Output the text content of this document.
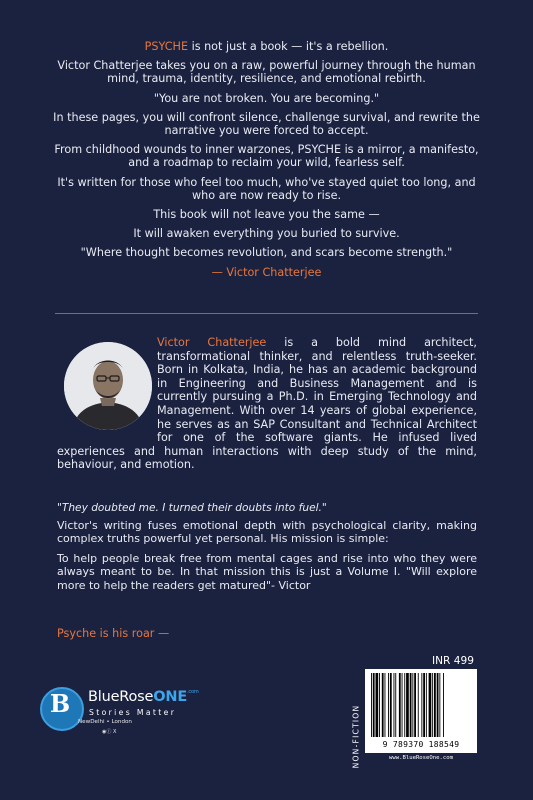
PSYCHE is not just a book — it's a rebellion.

Victor Chatterjee takes you on a raw, powerful journey through the human mind, trauma, identity, resilience, and emotional rebirth.

"You are not broken. You are becoming."

In these pages, you will confront silence, challenge survival, and rewrite the narrative you were forced to accept.

From childhood wounds to inner warzones, PSYCHE is a mirror, a manifesto, and a roadmap to reclaim your wild, fearless self.

It's written for those who feel too much, who've stayed quiet too long, and who are now ready to rise.

This book will not leave you the same —

It will awaken everything you buried to survive.

"Where thought becomes revolution, and scars become strength."

— Victor Chatterjee
Victor Chatterjee is a bold mind architect, transformational thinker, and relentless truth-seeker. Born in Kolkata, India, he has an academic background in Engineering and Business Management and is currently pursuing a Ph.D. in Emerging Technology and Management. With over 14 years of global experience, he serves as an SAP Consultant and Technical Architect for one of the software giants. He infused lived experiences and human interactions with deep study of the mind, behaviour, and emotion.
"They doubted me. I turned their doubts into fuel."

Victor's writing fuses emotional depth with psychological clarity, making complex truths powerful yet personal. His mission is simple:

To help people break free from mental cages and rise into who they were always meant to be. In that mission this is just a Volume I. "Will explore more to help the readers get matured"- Victor

Psyche is his roar —
B	BlueRoseONE$^{.com}$
Stories Matter
NewDelhi • London
◉ⓕ X
INR 499
NON-FICTION	9 789370 188549
www.BlueRoseOne.com
